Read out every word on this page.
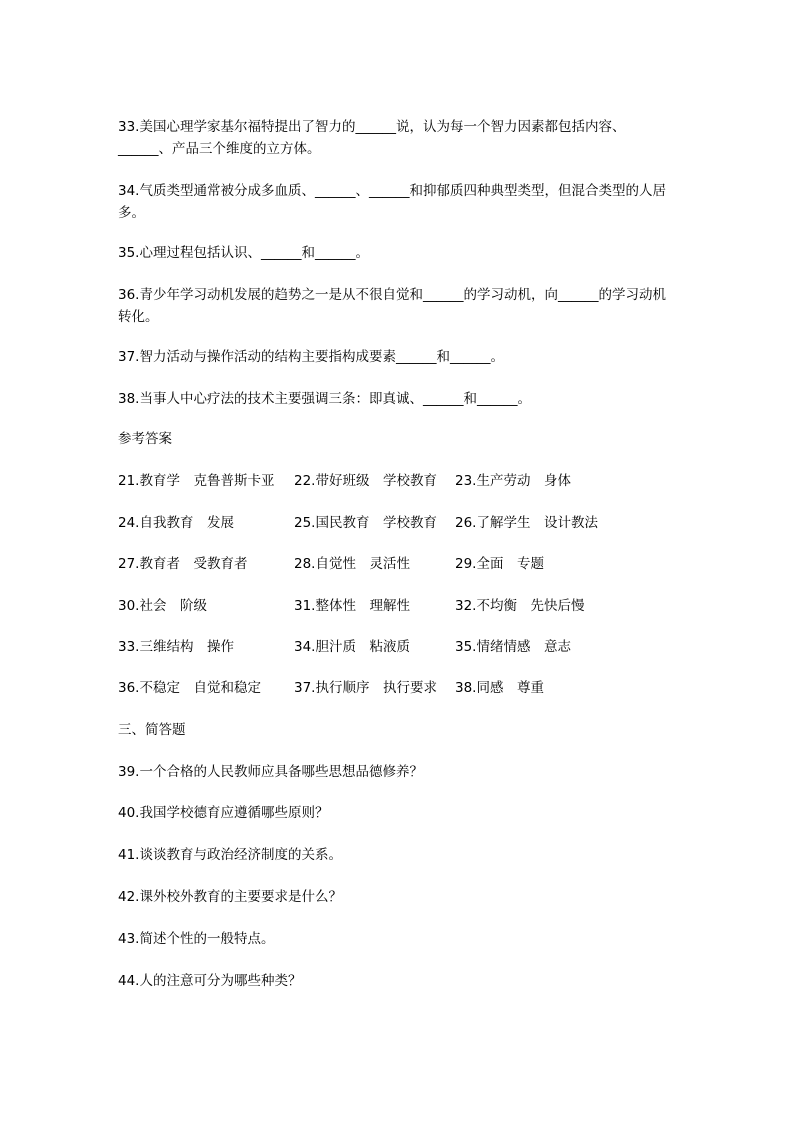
33.美国心理学家基尔福特提出了智力的______说，认为每一个智力因素都包括内容、______、产品三个维度的立方体。

34.气质类型通常被分成多血质、______、______和抑郁质四种典型类型，但混合类型的人居多。

35.心理过程包括认识、______和______。

36.青少年学习动机发展的趋势之一是从不很自觉和______的学习动机，向______的学习动机转化。

37.智力活动与操作活动的结构主要指构成要素______和______。

38.当事人中心疗法的技术主要强调三条：即真诚、______和______。

参考答案

21.教育学　克鲁普斯卡亚 22.带好班级　学校教育 23.生产劳动　身体
24.自我教育　发展	25.国民教育　学校教育 26.了解学生　设计教法
27.教育者　受教育者	28.自觉性　灵活性	29.全面　专题
30.社会　阶级	31.整体性　理解性	32.不均衡　先快后慢
33.三维结构　操作	34.胆汁质　粘液质	35.情绪情感　意志
36.不稳定　自觉和稳定 37.执行顺序　执行要求 38.同感　尊重

三、简答题

39.一个合格的人民教师应具备哪些思想品德修养？

40.我国学校德育应遵循哪些原则？

41.谈谈教育与政治经济制度的关系。

42.课外校外教育的主要要求是什么？

43.简述个性的一般特点。

44.人的注意可分为哪些种类？
